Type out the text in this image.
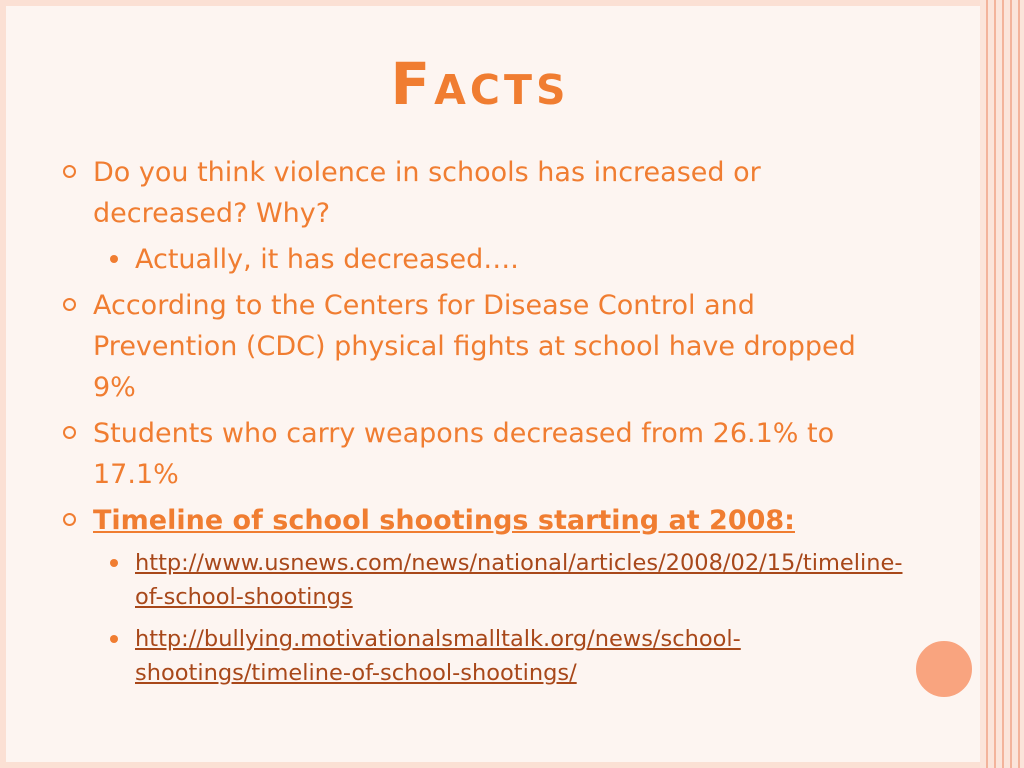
Facts
Do you think violence in schools has increased or decreased? Why?
Actually, it has decreased….
According to the Centers for Disease Control and Prevention (CDC) physical fights at school have dropped 9%
Students who carry weapons decreased from 26.1% to 17.1%
Timeline of school shootings starting at 2008:
http://www.usnews.com/news/national/articles/2008/02/15/timeline-of-school-shootings
http://bullying.motivationalsmalltalk.org/news/school-shootings/timeline-of-school-shootings/
